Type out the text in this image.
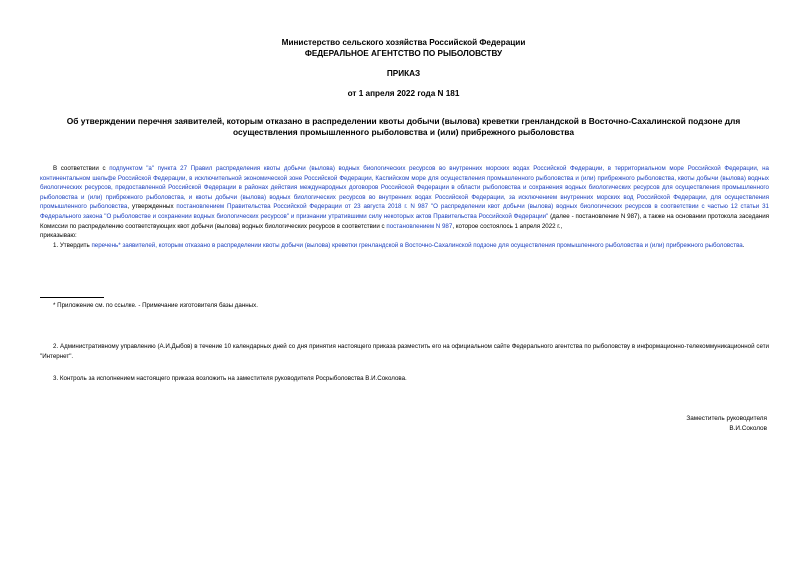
Министерство сельского хозяйства Российской Федерации
ФЕДЕРАЛЬНОЕ АГЕНТСТВО ПО РЫБОЛОВСТВУ
ПРИКАЗ
от 1 апреля 2022 года N 181
Об утверждении перечня заявителей, которым отказано в распределении квоты добычи (вылова) креветки гренландской в Восточно-Сахалинской подзоне для осуществления промышленного рыболовства и (или) прибрежного рыболовства
В соответствии с подпунктом "а" пункта 27 Правил распределения квоты добычи (вылова) водных биологических ресурсов во внутренних морских водах Российской Федерации, в территориальном море Российской Федерации, на континентальном шельфе Российской Федерации, в исключительной экономической зоне Российской Федерации, Каспийском море для осуществления промышленного рыболовства и (или) прибрежного рыболовства, квоты добычи (вылова) водных биологических ресурсов, предоставленной Российской Федерации в районах действия международных договоров Российской Федерации в области рыболовства и сохранения водных биологических ресурсов для осуществления промышленного рыболовства и (или) прибрежного рыболовства, и квоты добычи (вылова) водных биологических ресурсов во внутренних водах Российской Федерации, за исключением внутренних морских вод Российской Федерации, для осуществления промышленного рыболовства, утвержденных постановлением Правительства Российской Федерации от 23 августа 2018 г. N 987 "О распределении квот добычи (вылова) водных биологических ресурсов в соответствии с частью 12 статьи 31 Федерального закона "О рыболовстве и сохранении водных биологических ресурсов" и признании утратившими силу некоторых актов Правительства Российской Федерации" (далее - постановление N 987), а также на основании протокола заседания Комиссии по распределению соответствующих квот добычи (вылова) водных биологических ресурсов в соответствии с постановлением N 987, которое состоялось 1 апреля 2022 г.,
приказываю:
1. Утвердить перечень* заявителей, которым отказано в распределении квоты добычи (вылова) креветки гренландской в Восточно-Сахалинской подзоне для осуществления промышленного рыболовства и (или) прибрежного рыболовства.
* Приложение см. по ссылке. - Примечание изготовителя базы данных.
2. Административному управлению (А.И.Дыбов) в течение 10 календарных дней со дня принятия настоящего приказа разместить его на официальном сайте Федерального агентства по рыболовству в информационно-телекоммуникационной сети "Интернет".
3. Контроль за исполнением настоящего приказа возложить на заместителя руководителя Росрыболовства В.И.Соколова.
Заместитель руководителя
В.И.Соколов
